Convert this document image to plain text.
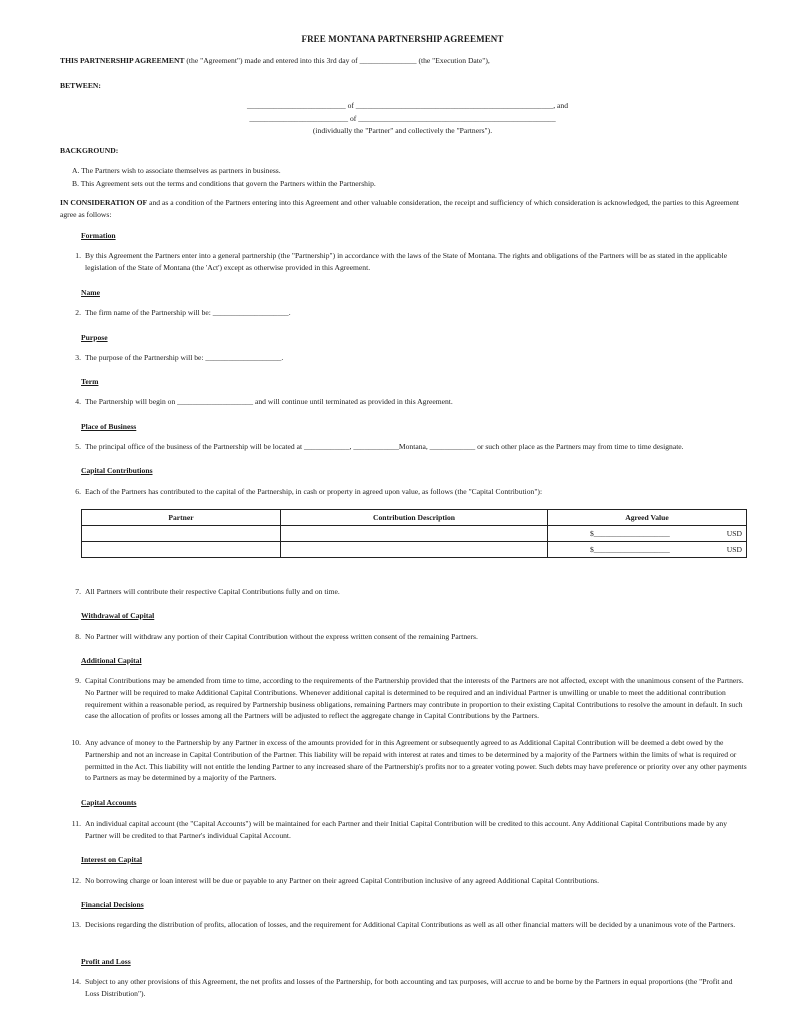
FREE MONTANA PARTNERSHIP AGREEMENT
THIS PARTNERSHIP AGREEMENT (the "Agreement") made and entered into this 3rd day of _______________ (the "Execution Date"),
BETWEEN:
__________________________ of ____________________________________________________, and
__________________________ of ____________________________________________________
(individually the "Partner" and collectively the "Partners").
BACKGROUND:
A. The Partners wish to associate themselves as partners in business.
B. This Agreement sets out the terms and conditions that govern the Partners within the Partnership.
IN CONSIDERATION OF and as a condition of the Partners entering into this Agreement and other valuable consideration, the receipt and sufficiency of which consideration is acknowledged, the parties to this Agreement agree as follows:
Formation
1. By this Agreement the Partners enter into a general partnership (the "Partnership") in accordance with the laws of the State of Montana. The rights and obligations of the Partners will be as stated in the applicable legislation of the State of Montana (the 'Act') except as otherwise provided in this Agreement.
Name
2. The firm name of the Partnership will be: ____________________.
Purpose
3. The purpose of the Partnership will be: ____________________.
Term
4. The Partnership will begin on ____________________ and will continue until terminated as provided in this Agreement.
Place of Business
5. The principal office of the business of the Partnership will be located at ____________, ____________Montana, ____________ or such other place as the Partners may from time to time designate.
Capital Contributions
6. Each of the Partners has contributed to the capital of the Partnership, in cash or property in agreed upon value, as follows (the "Capital Contribution"):
Partner	Contribution Description	Agreed Value
		$____________________ USD

		$____________________ USD
7. All Partners will contribute their respective Capital Contributions fully and on time.
Withdrawal of Capital
8. No Partner will withdraw any portion of their Capital Contribution without the express written consent of the remaining Partners.
Additional Capital
9. Capital Contributions may be amended from time to time, according to the requirements of the Partnership provided that the interests of the Partners are not affected, except with the unanimous consent of the Partners. No Partner will be required to make Additional Capital Contributions. Whenever additional capital is determined to be required and an individual Partner is unwilling or unable to meet the additional contribution requirement within a reasonable period, as required by Partnership business obligations, remaining Partners may contribute in proportion to their existing Capital Contributions to resolve the amount in default. In such case the allocation of profits or losses among all the Partners will be adjusted to reflect the aggregate change in Capital Contributions by the Partners.
10. Any advance of money to the Partnership by any Partner in excess of the amounts provided for in this Agreement or subsequently agreed to as Additional Capital Contribution will be deemed a debt owed by the Partnership and not an increase in Capital Contribution of the Partner. This liability will be repaid with interest at rates and times to be determined by a majority of the Partners within the limits of what is required or permitted in the Act. This liability will not entitle the lending Partner to any increased share of the Partnership's profits nor to a greater voting power. Such debts may have preference or priority over any other payments to Partners as may be determined by a majority of the Partners.
Capital Accounts
11. An individual capital account (the "Capital Accounts") will be maintained for each Partner and their Initial Capital Contribution will be credited to this account. Any Additional Capital Contributions made by any Partner will be credited to that Partner's individual Capital Account.
Interest on Capital
12. No borrowing charge or loan interest will be due or payable to any Partner on their agreed Capital Contribution inclusive of any agreed Additional Capital Contributions.
Financial Decisions
13. Decisions regarding the distribution of profits, allocation of losses, and the requirement for Additional Capital Contributions as well as all other financial matters will be decided by a unanimous vote of the Partners.
Profit and Loss
14. Subject to any other provisions of this Agreement, the net profits and losses of the Partnership, for both accounting and tax purposes, will accrue to and be borne by the Partners in equal proportions (the "Profit and Loss Distribution").
